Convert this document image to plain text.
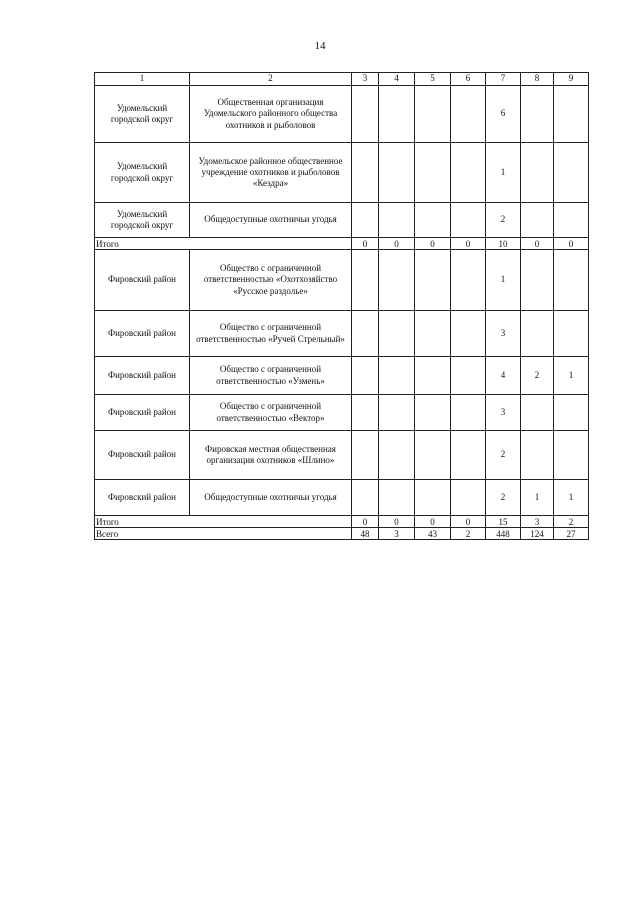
14
1	2	3	4	5	6	7	8	9
Удомельский городской округ	Общественная организация Удомельского районного общества охотников и рыболовов					6		
Удомельский городской округ	Удомельское районное общественное учреждение охотников и рыболовов «Кездра»					1		
Удомельский городской округ	Общедоступные охотничьи угодья					2		
Итого		0	0	0	0	10	0	0
Фировский район	Общество с ограниченной ответственностью «Охотхозяйство «Русское раздолье»					1		
Фировский район	Общество с ограниченной ответственностью «Ручей Стрельный»					3		
Фировский район	Общество с ограниченной ответственностью «Узмень»					4	2	1
Фировский район	Общество с ограниченной ответственностью «Вектор»					3		
Фировский район	Фировская местная общественная организация охотников «Шлино»					2		
Фировский район	Общедоступные охотничьи угодья					2	1	1
Итого		0	0	0	0	15	3	2
Всего		48	3	43	2	448	124	27
